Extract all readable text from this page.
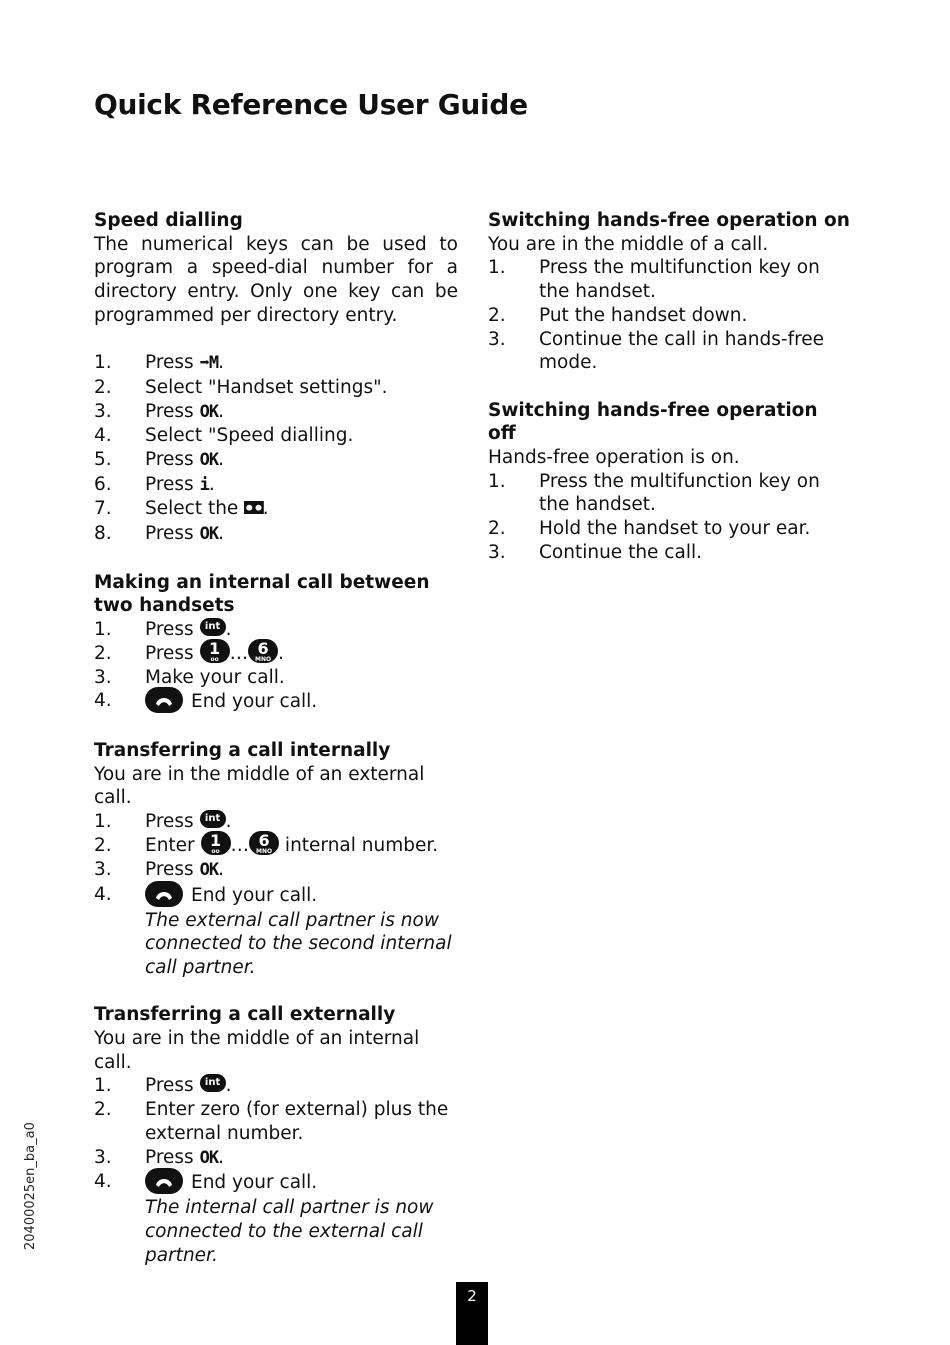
Quick Reference User Guide
Speed dialling
The numerical keys can be used to program a speed-dial number for a directory entry. Only one key can be programmed per directory entry.
1.	Press ➡M.
2.	Select "Handset settings".
3.	Press OK.
4.	Select "Speed dialling.
5.	Press OK.
6.	Press i.
7.	Select the ◘◘.
8.	Press OK.
Making an internal call between two handsets
1.	Press int .
2.	Press 1
oo … 6
MNO .
3.	Make your call.
4.	End your call.
Transferring a call internally
You are in the middle of an external call.
1.	Press int .
2.	Enter 1
oo … 6
MNO internal number.
3.	Press OK.
4.	End your call.
The external call partner is now connected to the second internal call partner.
Transferring a call externally
You are in the middle of an internal call.
1.	Press int .
2.	Enter zero (for external) plus the external number.
3.	Press OK.
4.	End your call.
The internal call partner is now connected to the external call partner.
Switching hands-free operation on
You are in the middle of a call.
1.	Press the multifunction key on the handset.
2.	Put the handset down.
3.	Continue the call in hands-free mode.
Switching hands-free operation off
Hands-free operation is on.
1.	Press the multifunction key on the handset.
2.	Hold the handset to your ear.
3.	Continue the call.
20400025en_ba_a0
2
